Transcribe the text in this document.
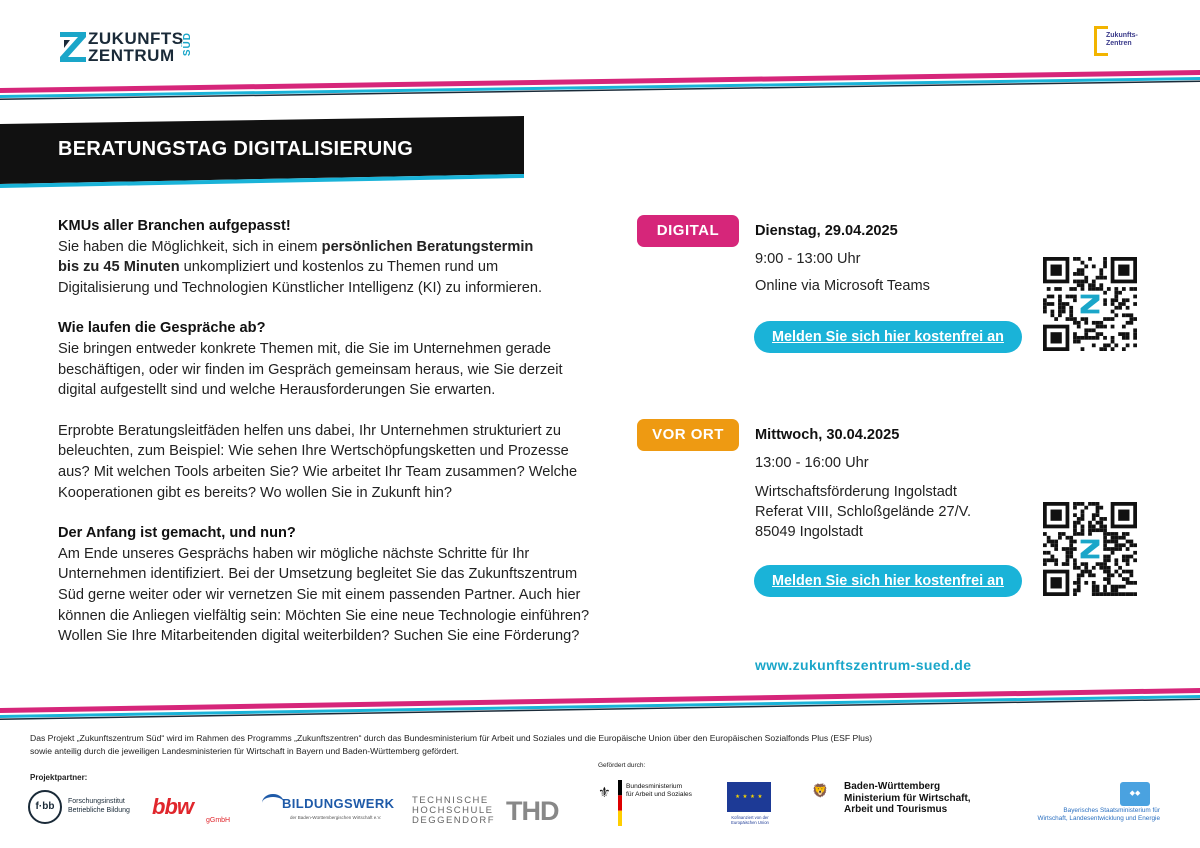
ZUKUNFTS
ZENTRUM SÜD	Zukunfts-
Zentren
BERATUNGSTAG DIGITALISIERUNG
KMUs aller Branchen aufgepasst!

Sie haben die Möglichkeit, sich in einem persönlichen Beratungstermin
bis zu 45 Minuten unkompliziert und kostenlos zu Themen rund um
Digitalisierung und Technologien Künstlicher Intelligenz (KI) zu informieren.

Wie laufen die Gespräche ab?

Sie bringen entweder konkrete Themen mit, die Sie im Unternehmen gerade beschäftigen, oder wir finden im Gespräch gemeinsam heraus, wie Sie derzeit digital aufgestellt sind und welche Herausforderungen Sie erwarten.

Erprobte Beratungsleitfäden helfen uns dabei, Ihr Unternehmen strukturiert zu beleuchten, zum Beispiel: Wie sehen Ihre Wertschöpfungsketten und Prozesse aus? Mit welchen Tools arbeiten Sie? Wie arbeitet Ihr Team zusammen? Welche Kooperationen gibt es bereits? Wo wollen Sie in Zukunft hin?

Der Anfang ist gemacht, und nun?

Am Ende unseres Gesprächs haben wir mögliche nächste Schritte für Ihr Unternehmen identifiziert. Bei der Umsetzung begleitet Sie das Zukunftszentrum Süd gerne weiter oder wir vernetzen Sie mit einem passenden Partner. Auch hier können die Anliegen vielfältig sein: Möchten Sie eine neue Technologie einführen? Wollen Sie Ihre Mitarbeitenden digital weiterbilden? Suchen Sie eine Förderung?

DIGITAL	Dienstag, 29.04.2025
9:00 - 13:00 Uhr
Online via Microsoft Teams
Melden Sie sich hier kostenfrei an
VOR ORT	Mittwoch, 30.04.2025
13:00 - 16:00 Uhr
Wirtschaftsförderung Ingolstadt
Referat VIII, Schloßgelände 27/V.
85049 Ingolstadt
Melden Sie sich hier kostenfrei an
www.zukunftszentrum-sued.de
Das Projekt „Zukunftszentrum Süd“ wird im Rahmen des Programms „Zukunftszentren“ durch das Bundesministerium für Arbeit und Soziales und die Europäische Union über den Europäischen Sozialfonds Plus (ESF Plus)
sowie anteilig durch die jeweiligen Landesministerien für Wirtschaft in Bayern und Baden-Württemberg gefördert.
Projektpartner:
Gefördert durch:
f·bb	Forschungsinstitut
Betriebliche Bildung bbw
gGmbH
BILDUNGSWERK
der Baden-Württembergischen Wirtschaft e.V.
TECHNISCHE
HOCHSCHULE
DEGGENDORF THD
⚜ Bundesministerium
für Arbeit und Soziales	★ ★ ★ ★
Kofinanziert von der
Europäischen Union
🦁 Baden-Württemberg
Ministerium für Wirtschaft,
Arbeit und Tourismus
◆◆
Bayerisches Staatsministerium für
Wirtschaft, Landesentwicklung und Energie
